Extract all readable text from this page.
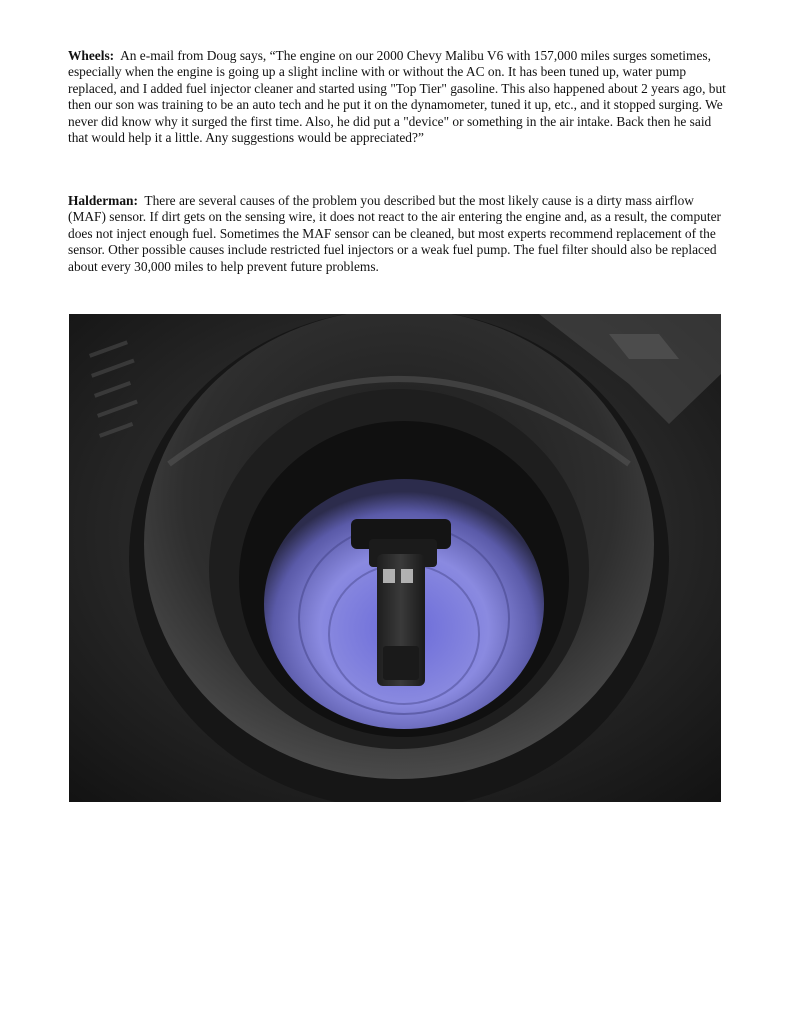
Wheels: An e-mail from Doug says, “The engine on our 2000 Chevy Malibu V6 with 157,000 miles surges sometimes, especially when the engine is going up a slight incline with or without the AC on. It has been tuned up, water pump replaced, and I added fuel injector cleaner and started using "Top Tier" gasoline. This also happened about 2 years ago, but then our son was training to be an auto tech and he put it on the dynamometer, tuned it up, etc., and it stopped surging. We never did know why it surged the first time. Also, he did put a "device" or something in the air intake. Back then he said that would help it a little. Any suggestions would be appreciated?”

Halderman: There are several causes of the problem you described but the most likely cause is a dirty mass airflow (MAF) sensor. If dirt gets on the sensing wire, it does not react to the air entering the engine and, as a result, the computer does not inject enough fuel. Sometimes the MAF sensor can be cleaned, but most experts recommend replacement of the sensor. Other possible causes include restricted fuel injectors or a weak fuel pump. The fuel filter should also be replaced about every 30,000 miles to help prevent future problems.
